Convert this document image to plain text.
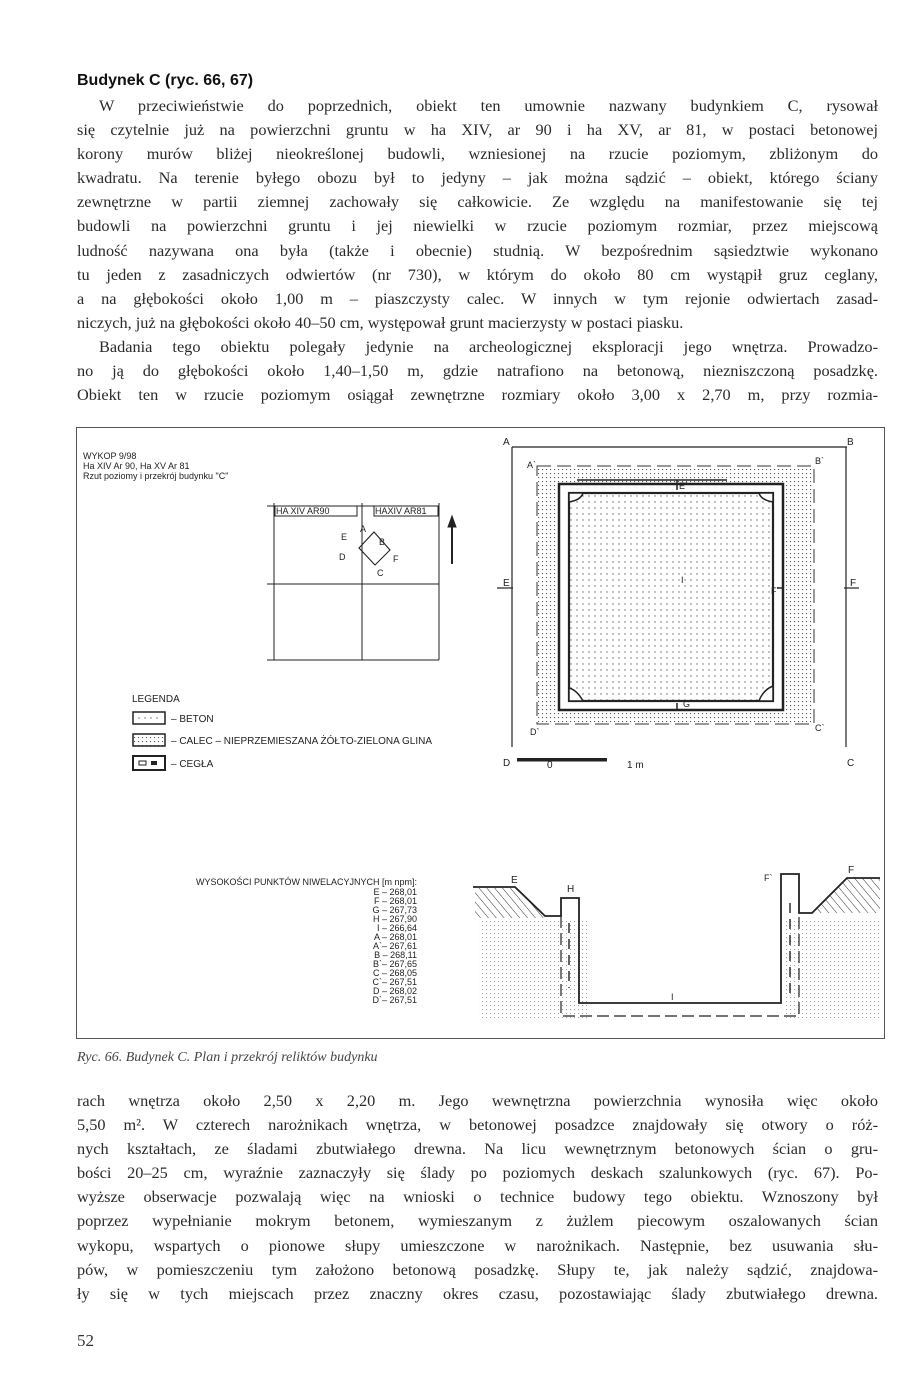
Budynek C (ryc. 66, 67)
W przeciwieństwie do poprzednich, obiekt ten umownie nazwany budynkiem C, rysował
się czytelnie już na powierzchni gruntu w ha XIV, ar 90 i ha XV, ar 81, w postaci betonowej
korony murów bliżej nieokreślonej budowli, wzniesionej na rzucie poziomym, zbliżonym do
kwadratu. Na terenie byłego obozu był to jedyny – jak można sądzić – obiekt, którego ściany
zewnętrzne w partii ziemnej zachowały się całkowicie. Ze względu na manifestowanie się tej
budowli na powierzchni gruntu i jej niewielki w rzucie poziomym rozmiar, przez miejscową
ludność nazywana ona była (także i obecnie) studnią. W bezpośrednim sąsiedztwie wykonano
tu jeden z zasadniczych odwiertów (nr 730), w którym do około 80 cm wystąpił gruz ceglany,
a na głębokości około 1,00 m – piaszczysty calec. W innych w tym rejonie odwiertach zasad-
niczych, już na głębokości około 40–50 cm, występował grunt macierzysty w postaci piasku.
Badania tego obiektu polegały jedynie na archeologicznej eksploracji jego wnętrza. Prowadzo-
no ją do głębokości około 1,40–1,50 m, gdzie natrafiono na betonową, niezniszczoną posadzkę.
Obiekt ten w rzucie poziomym osiągał zewnętrzne rozmiary około 3,00 x 2,70 m, przy rozmia-
WYKOP 9/98
Ha XIV Ar 90, Ha XV Ar 81
Rzut poziomy i przekrój budynku "C"
HA XIV AR90	HAXIV AR81
A
E	B
D	F
C
LEGENDA
– BETON
– CALEC – NIEPRZEMIESZANA ŻÓŁTO-ZIELONA GLINA
– CEGŁA
A	B
A`	B`
E`
E	F
F`
I
G
D`	C`
D	C
0	1 m
WYSOKOŚCI PUNKTÓW NIWELACYJNYCH [m npm]:
E – 268,01
F – 268,01
G – 267,73
H – 267,90
I – 266,64
A – 268,01
A`– 267,61
B – 268,11
B`– 267,65
C – 268,05
C`– 267,51
D – 268,02
D`– 267,51
E
H
F`
F
I
Ryc. 66. Budynek C. Plan i przekrój reliktów budynku
rach wnętrza około 2,50 x 2,20 m. Jego wewnętrzna powierzchnia wynosiła więc około
5,50 m². W czterech narożnikach wnętrza, w betonowej posadzce znajdowały się otwory o róż-
nych kształtach, ze śladami zbutwiałego drewna. Na licu wewnętrznym betonowych ścian o gru-
bości 20–25 cm, wyraźnie zaznaczyły się ślady po poziomych deskach szalunkowych (ryc. 67). Po-
wyższe obserwacje pozwalają więc na wnioski o technice budowy tego obiektu. Wznoszony był
poprzez wypełnianie mokrym betonem, wymieszanym z żużlem piecowym oszalowanych ścian
wykopu, wspartych o pionowe słupy umieszczone w narożnikach. Następnie, bez usuwania słu-
pów, w pomieszczeniu tym założono betonową posadzkę. Słupy te, jak należy sądzić, znajdowa-
ły się w tych miejscach przez znaczny okres czasu, pozostawiając ślady zbutwiałego drewna.
52
